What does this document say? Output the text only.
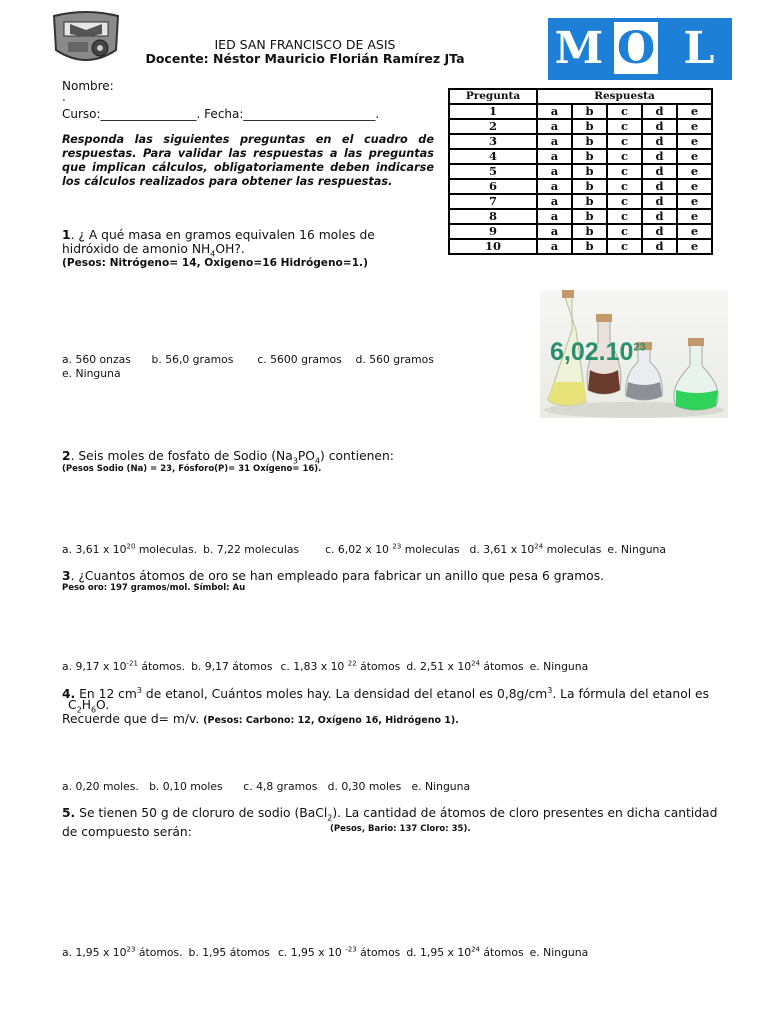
IED SAN FRANCISCO DE ASIS
Docente: Néstor Mauricio Florián Ramírez JTa	M O L
Nombre:
.
Curso:________________. Fecha:______________________.
Responda las siguientes preguntas en el cuadro de respuestas. Para validar las respuestas a las preguntas que implican cálculos, obligatoriamente deben indicarse los cálculos realizados para obtener las respuestas.
Pregunta	Respuesta				
1	a	b	c	d	e
2	a	b	c	d	e
3	a	b	c	d	e
4	a	b	c	d	e
5	a	b	c	d	e
6	a	b	c	d	e
7	a	b	c	d	e
8	a	b	c	d	e
9	a	b	c	d	e
10	a	b	c	d	e
6,02.10$^{23}$
1. ¿ A qué masa en gramos equivalen 16 moles de hidróxido de amonio $NH_4OH$?.
(Pesos: Nitrógeno= 14, Oxigeno=16 Hidrógeno=1.)
a. 560 onzas b. 56,0 gramos c. 5600 gramos d. 560 gramos
e. Ninguna
2. Seis moles de fosfato de Sodio $(Na_3PO_4)$ contienen:
(Pesos Sodio (Na) = 23, Fósforo(P)= 31 Oxígeno= 16).
a. 3,61 x $10^{20}$ moleculas. b. 7,22 moleculas c. 6,02 x 10 $^{23}$ moleculas d. 3,61 x $10^{24}$ moleculas e. Ninguna
3. ¿Cuantos átomos de oro se han empleado para fabricar un anillo que pesa 6 gramos.
Peso oro: 197 gramos/mol. Símbol: Au
a. 9,17 x $10^{-21}$ átomos. b. 9,17 átomos c. 1,83 x 10 $^{22}$ átomos d. 2,51 x $10^{24}$ átomos e. Ninguna
4. En 12 $cm^3$ de etanol, Cuántos moles hay. La densidad del etanol es $0,8g/cm^3$. La fórmula del etanol es
$C_2H_6O$.
Recuerde que d= m/v. (Pesos: Carbono: 12, Oxígeno 16, Hidrógeno 1).
a. 0,20 moles. b. 0,10 moles c. 4,8 gramos d. 0,30 moles e. Ninguna
5. Se tienen 50 g de cloruro de sodio (BaCl$_2$). La cantidad de átomos de cloro presentes en dicha cantidad de compuesto serán:	(Pesos, Bario: 137 Cloro: 35).
a. 1,95 x $10^{23}$ átomos. b. 1,95 átomos c. 1,95 x 10 $^{-23}$ átomos d. 1,95 x $10^{24}$ átomos e. Ninguna
